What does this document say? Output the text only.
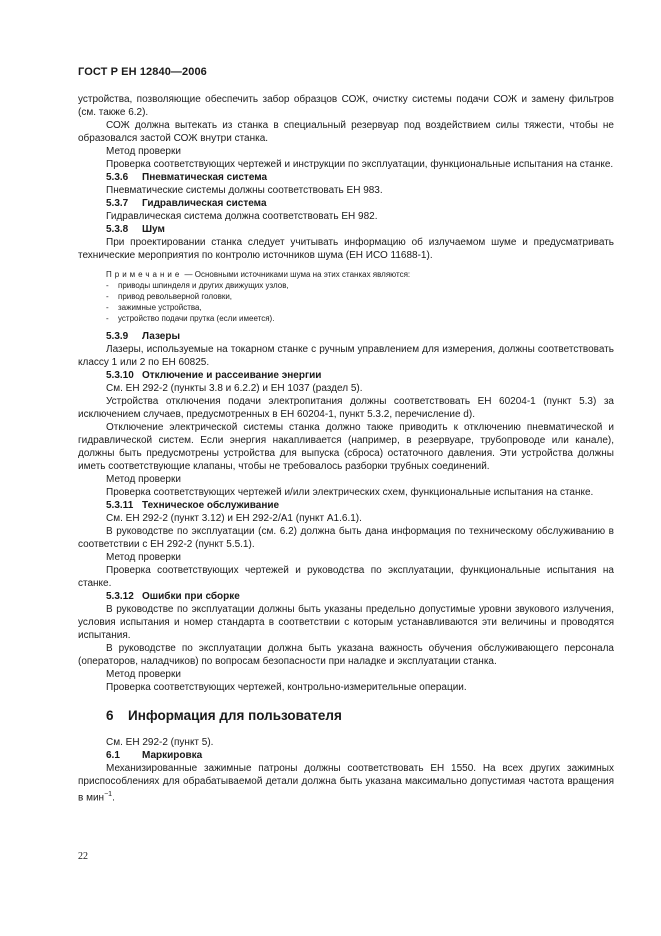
ГОСТ Р ЕН 12840—2006

устройства, позволяющие обеспечить забор образцов СОЖ, очистку системы подачи СОЖ и замену фильтров (см. также 6.2).

СОЖ должна вытекать из станка в специальный резервуар под воздействием силы тяжести, чтобы не образовался застой СОЖ внутри станка.

Метод проверки

Проверка соответствующих чертежей и инструкции по эксплуатации, функциональные испытания на станке.

5.3.6 Пневматическая система

Пневматические системы должны соответствовать ЕН 983.

5.3.7 Гидравлическая система

Гидравлическая система должна соответствовать ЕН 982.

5.3.8 Шум

При проектировании станка следует учитывать информацию об излучаемом шуме и предусматривать технические мероприятия по контролю источников шума (ЕН ИСО 11688-1).

Примечание — Основными источниками шума на этих станках являются:
- приводы шпинделя и других движущих узлов,
- привод револьверной головки,
- зажимные устройства,
- устройство подачи прутка (если имеется).

5.3.9 Лазеры

Лазеры, используемые на токарном станке с ручным управлением для измерения, должны соответствовать классу 1 или 2 по ЕН 60825.

5.3.10 Отключение и рассеивание энергии

См. ЕН 292-2 (пункты 3.8 и 6.2.2) и ЕН 1037 (раздел 5).

Устройства отключения подачи электропитания должны соответствовать ЕН 60204-1 (пункт 5.3) за исключением случаев, предусмотренных в ЕН 60204-1, пункт 5.3.2, перечисление d).

Отключение электрической системы станка должно также приводить к отключению пневматической и гидравлической систем. Если энергия накапливается (например, в резервуаре, трубопроводе или канале), должны быть предусмотрены устройства для выпуска (сброса) остаточного давления. Эти устройства должны иметь соответствующие клапаны, чтобы не требовалось разборки трубных соединений.

Метод проверки

Проверка соответствующих чертежей и/или электрических схем, функциональные испытания на станке.

5.3.11 Техническое обслуживание

См. ЕН 292-2 (пункт 3.12) и ЕН 292-2/А1 (пункт А1.6.1).

В руководстве по эксплуатации (см. 6.2) должна быть дана информация по техническому обслуживанию в соответствии с ЕН 292-2 (пункт 5.5.1).

Метод проверки

Проверка соответствующих чертежей и руководства по эксплуатации, функциональные испытания на станке.

5.3.12 Ошибки при сборке

В руководстве по эксплуатации должны быть указаны предельно допустимые уровни звукового излучения, условия испытания и номер стандарта в соответствии с которым устанавливаются эти величины и проводятся испытания.

В руководстве по эксплуатации должна быть указана важность обучения обслуживающего персонала (операторов, наладчиков) по вопросам безопасности при наладке и эксплуатации станка.

Метод проверки

Проверка соответствующих чертежей, контрольно-измерительные операции.

6 Информация для пользователя

См. ЕН 292-2 (пункт 5).

6.1 Маркировка

Механизированные зажимные патроны должны соответствовать ЕН 1550. На всех других зажимных приспособлениях для обрабатываемой детали должна быть указана максимально допустимая частота вращения в мин$^{-1}$.

22
